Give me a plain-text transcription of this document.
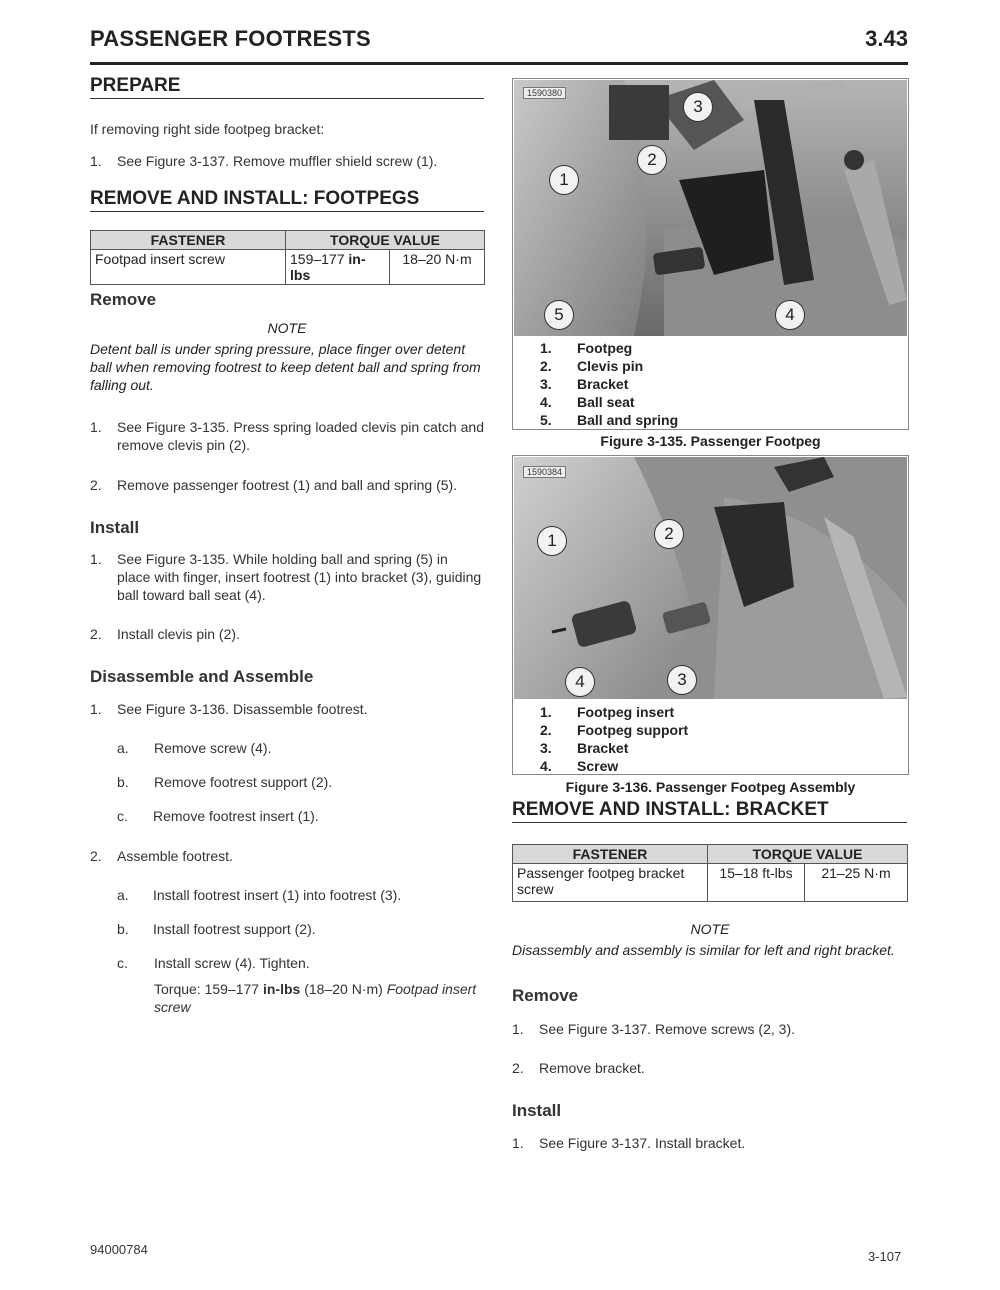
PASSENGER FOOTRESTS	3.43
PREPARE
If removing right side footpeg bracket:
1. See Figure 3-137. Remove muffler shield screw (1).
REMOVE AND INSTALL: FOOTPEGS
FASTENER	TORQUE VALUE	
Footpad insert screw	159–177 in-lbs	18–20 N·m
Remove
NOTE
Detent ball is under spring pressure, place finger over detent ball when removing footrest to keep detent ball and spring from falling out.
1. See Figure 3-135. Press spring loaded clevis pin catch and remove clevis pin (2).
2. Remove passenger footrest (1) and ball and spring (5).
Install
1. See Figure 3-135. While holding ball and spring (5) in place with finger, insert footrest (1) into bracket (3), guiding ball toward ball seat (4).
2. Install clevis pin (2).
Disassemble and Assemble
1. See Figure 3-136. Disassemble footrest.
a. Remove screw (4).
b. Remove footrest support (2).
c. Remove footrest insert (1).
2. Assemble footrest.
a. Install footrest insert (1) into footrest (3).
b. Install footrest support (2).
c. Install screw (4). Tighten.
Torque: 159–177 in-lbs (18–20 N·m) Footpad insert screw
1590380
1
2
3
4
5
1.	Footpeg
2.	Clevis pin
3.	Bracket
4.	Ball seat
5.	Ball and spring
Figure 3-135. Passenger Footpeg
1590384
1	2
3
4
1.	Footpeg insert
2.	Footpeg support
3.	Bracket
4.	Screw
Figure 3-136. Passenger Footpeg Assembly
REMOVE AND INSTALL: BRACKET
FASTENER	TORQUE VALUE	
Passenger footpeg bracket screw	15–18 ft-lbs	21–25 N·m
NOTE
Disassembly and assembly is similar for left and right bracket.
Remove
1. See Figure 3-137. Remove screws (2, 3).
2. Remove bracket.
Install
1. See Figure 3-137. Install bracket.
94000784	3-107
